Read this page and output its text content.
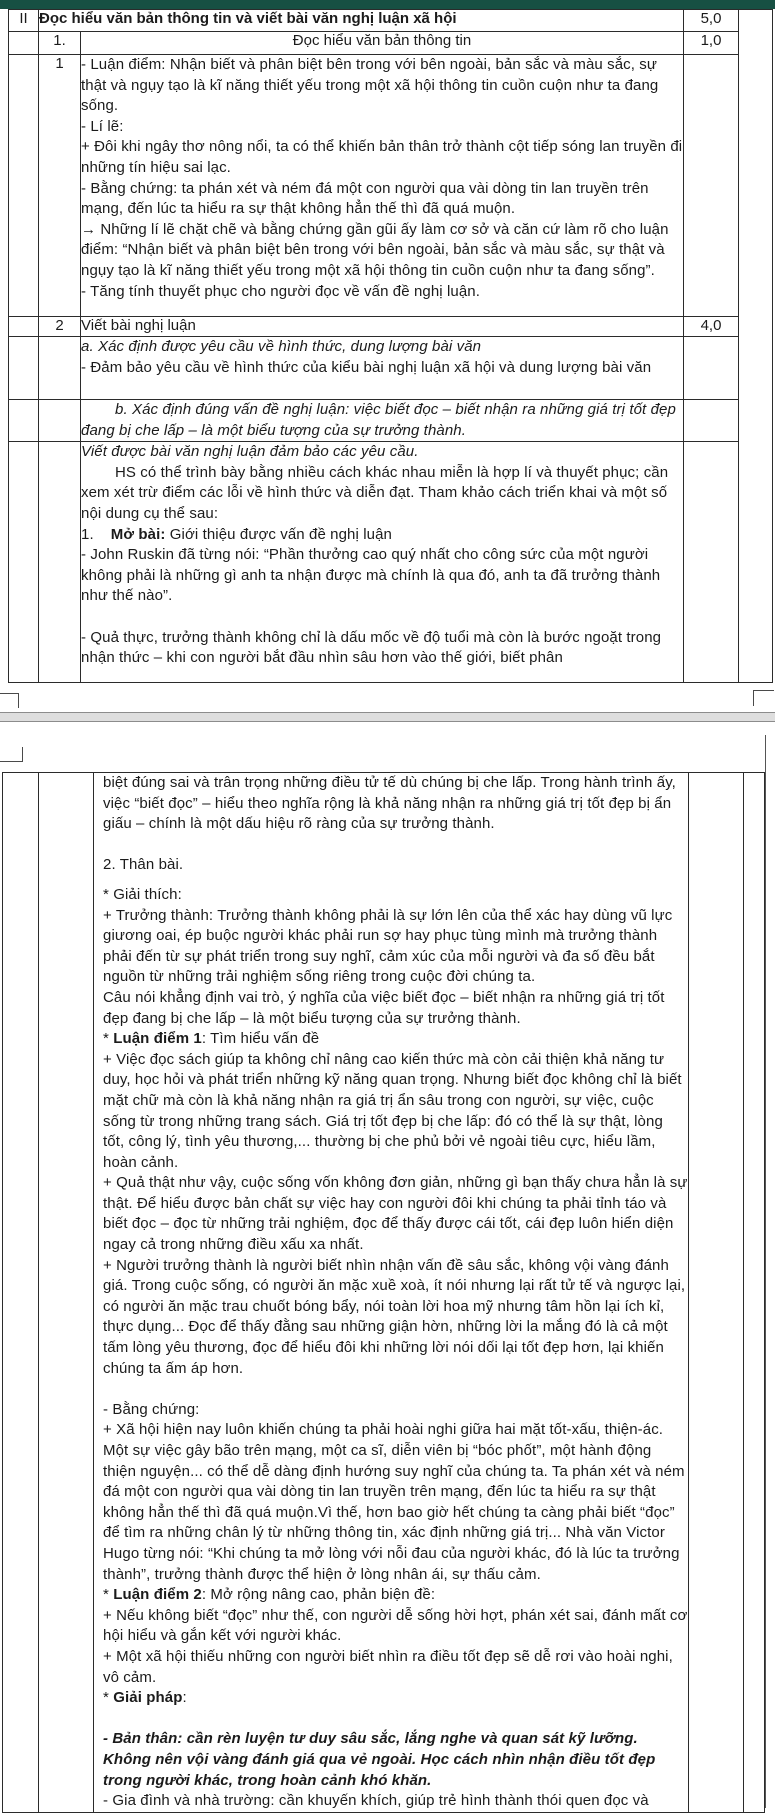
II	Đọc hiểu văn bản thông tin và viết bài văn nghị luận xã hội		5,0	
	1.	Đọc hiểu văn bản thông tin	1,0	
	1	- Luận điểm: Nhận biết và phân biệt bên trong với bên ngoài, bản sắc và màu sắc, sự thật và ngụy tạo là kĩ năng thiết yếu trong một xã hội thông tin cuồn cuộn như ta đang sống.
- Lí lẽ:
+ Đôi khi ngây thơ nông nổi, ta có thể khiến bản thân trở thành cột tiếp sóng lan truyền đi những tín hiệu sai lạc.
- Bằng chứng: ta phán xét và ném đá một con người qua vài dòng tin lan truyền trên mạng, đến lúc ta hiểu ra sự thật không hẳn thế thì đã quá muộn.
→ Những lí lẽ chặt chẽ và bằng chứng gần gũi ấy làm cơ sở và căn cứ làm rõ cho luận điểm: “Nhận biết và phân biệt bên trong với bên ngoài, bản sắc và màu sắc, sự thật và ngụy tạo là kĩ năng thiết yếu trong một xã hội thông tin cuồn cuộn như ta đang sống”.
- Tăng tính thuyết phục cho người đọc về vấn đề nghị luận.

	2	Viết bài nghị luận	4,0	

		a. Xác định được yêu cầu về hình thức, dung lượng bài văn
- Đảm bảo yêu cầu về hình thức của kiểu bài nghị luận xã hội và dung lượng bài văn		

		b. Xác định đúng vấn đề nghị luận: việc biết đọc – biết nhận ra những giá trị tốt đẹp đang bị che lấp – là một biểu tượng của sự trưởng thành.		

		Viết được bài văn nghị luận đảm bảo các yêu cầu.
HS có thể trình bày bằng nhiều cách khác nhau miễn là hợp lí và thuyết phục; cần xem xét trừ điểm các lỗi về hình thức và diễn đạt. Tham khảo cách triển khai và một số nội dung cụ thể sau:
1.    Mở bài: Giới thiệu được vấn đề nghị luận
- John Ruskin đã từng nói: “Phần thưởng cao quý nhất cho công sức của một người không phải là những gì anh ta nhận được mà chính là qua đó, anh ta đã trưởng thành như thế nào”.
- Quả thực, trưởng thành không chỉ là dấu mốc về độ tuổi mà còn là bước ngoặt trong nhận thức – khi con người bắt đầu nhìn sâu hơn vào thế giới, biết phân		

biệt đúng sai và trân trọng những điều tử tế dù chúng bị che lấp. Trong hành trình ấy, việc “biết đọc” – hiểu theo nghĩa rộng là khả năng nhận ra những giá trị tốt đẹp bị ẩn giấu – chính là một dấu hiệu rõ ràng của sự trưởng thành.
2. Thân bài.
* Giải thích:
+ Trưởng thành: Trưởng thành không phải là sự lớn lên của thể xác hay dùng vũ lực giương oai, ép buộc người khác phải run sợ hay phục tùng mình mà trưởng thành phải đến từ sự phát triển trong suy nghĩ, cảm xúc của mỗi người và đa số đều bắt nguồn từ những trải nghiệm sống riêng trong cuộc đời chúng ta.
Câu nói khẳng định vai trò, ý nghĩa của việc biết đọc – biết nhận ra những giá trị tốt đẹp đang bị che lấp – là một biểu tượng của sự trưởng thành.
* Luận điểm 1: Tìm hiểu vấn đề
+ Việc đọc sách giúp ta không chỉ nâng cao kiến thức mà còn cải thiện khả năng tư duy, học hỏi và phát triển những kỹ năng quan trọng. Nhưng biết đọc không chỉ là biết mặt chữ mà còn là khả năng nhận ra giá trị ẩn sâu trong con người, sự việc, cuộc sống từ trong những trang sách. Giá trị tốt đẹp bị che lấp: đó có thể là sự thật, lòng tốt, công lý, tình yêu thương,... thường bị che phủ bởi vẻ ngoài tiêu cực, hiểu lầm, hoàn cảnh.
+ Quả thật như vậy, cuộc sống vốn không đơn giản, những gì bạn thấy chưa hẳn là sự thật. Để hiểu được bản chất sự việc hay con người đôi khi chúng ta phải tỉnh táo và biết đọc – đọc từ những trải nghiệm, đọc để thấy được cái tốt, cái đẹp luôn hiển diện ngay cả trong những điều xấu xa nhất.
+ Người trưởng thành là người biết nhìn nhận vấn đề sâu sắc, không vội vàng đánh giá. Trong cuộc sống, có người ăn mặc xuề xoà, ít nói nhưng lại rất tử tế và ngược lại, có người ăn mặc trau chuốt bóng bẩy, nói toàn lời hoa mỹ nhưng tâm hồn lại ích kỉ, thực dụng... Đọc để thấy đằng sau những giận hờn, những lời la mắng đó là cả một tấm lòng yêu thương, đọc để hiểu đôi khi những lời nói dối lại tốt đẹp hơn, lại khiến chúng ta ấm áp hơn.
- Bằng chứng:
+ Xã hội hiện nay luôn khiến chúng ta phải hoài nghi giữa hai mặt tốt-xấu, thiện-ác. Một sự việc gây bão trên mạng, một ca sĩ, diễn viên bị “bóc phốt”, một hành động thiện nguyện... có thể dễ dàng định hướng suy nghĩ của chúng ta. Ta phán xét và ném đá một con người qua vài dòng tin lan truyền trên mạng, đến lúc ta hiểu ra sự thật không hẳn thế thì đã quá muộn.Vì thế, hơn bao giờ hết chúng ta càng phải biết “đọc” để tìm ra những chân lý từ những thông tin, xác định những giá trị... Nhà văn Victor Hugo từng nói: “Khi chúng ta mở lòng với nỗi đau của người khác, đó là lúc ta trưởng thành”, trưởng thành được thể hiện ở lòng nhân ái, sự thấu cảm.
* Luận điểm 2: Mở rộng nâng cao, phản biện đề:
+ Nếu không biết “đọc” như thế, con người dễ sống hời hợt, phán xét sai, đánh mất cơ hội hiểu và gắn kết với người khác.
+ Một xã hội thiếu những con người biết nhìn ra điều tốt đẹp sẽ dễ rơi vào hoài nghi, vô cảm.
* Giải pháp:
- Bản thân: cần rèn luyện tư duy sâu sắc, lắng nghe và quan sát kỹ lưỡng. Không nên vội vàng đánh giá qua vẻ ngoài. Học cách nhìn nhận điều tốt đẹp trong người khác, trong hoàn cảnh khó khăn.
- Gia đình và nhà trường: cần khuyến khích, giúp trẻ hình thành thói quen đọc và
